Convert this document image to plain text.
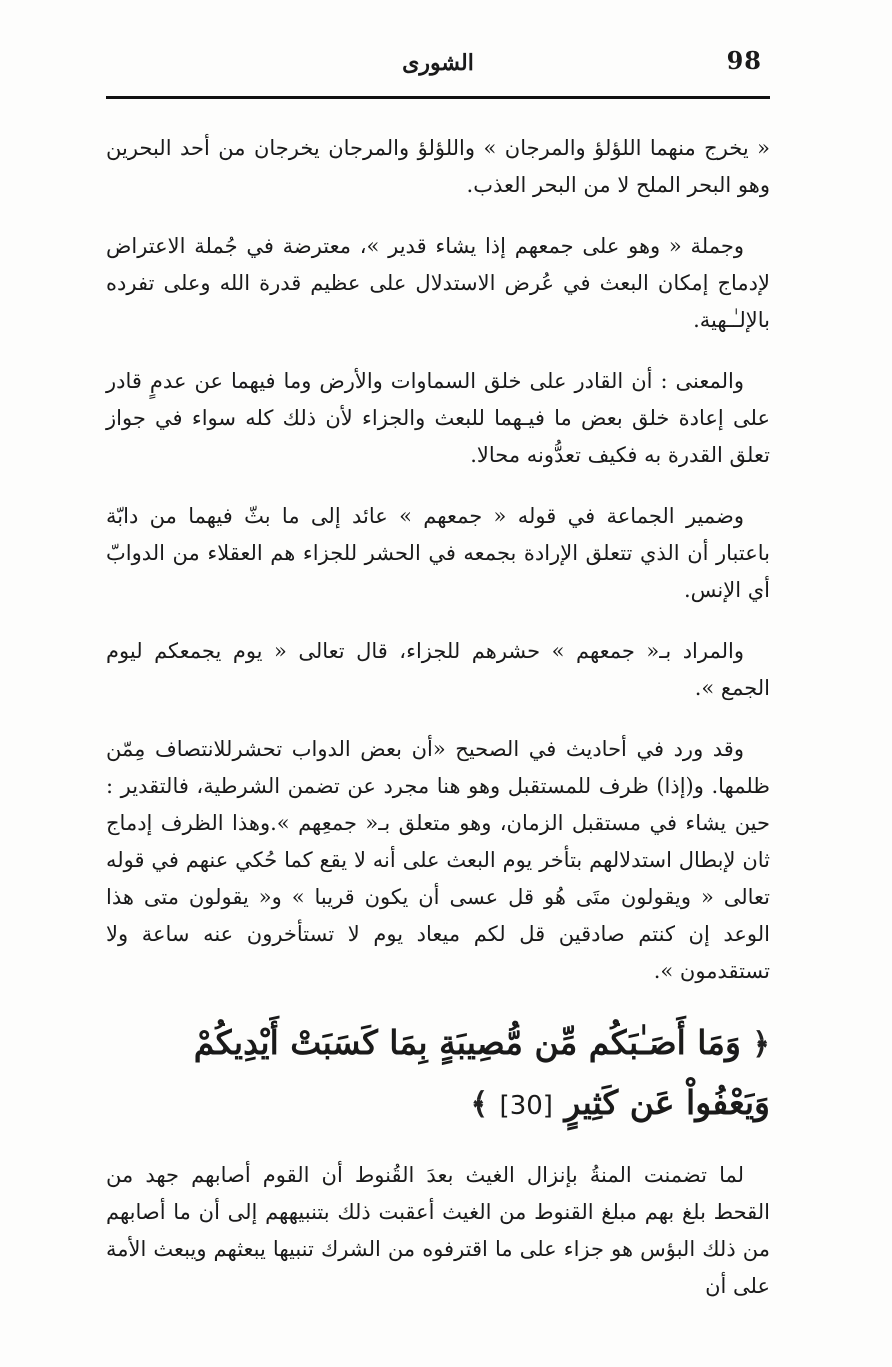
98
الشورى

« يخرج منهما اللؤلؤ والمرجان » واللؤلؤ والمرجان يخرجان من أحد البحرين وهو البحر الملح لا من البحر العذب.

وجملة « وهو على جمعهم إذا يشاء قدير »، معترضة في جُملة الاعتراض لإدماج إمكان البعث في عُرض الاستدلال على عظيم قدرة الله وعلى تفرده بالإلـٰـهية.

والمعنى : أن القادر على خلق السماوات والأرض وما فيهما عن عدمٍ قادر على إعادة خلق بعض ما فيـهما للبعث والجزاء لأن ذلك كله سواء في جواز تعلق القدرة به فكيف تعدُّونه محالا.

وضمير الجماعة في قوله « جمعهم » عائد إلى ما بثّ فيهما من دابّة باعتبار أن الذي تتعلق الإرادة بجمعه في الحشر للجزاء هم العقلاء من الدوابّ أي الإنس.

والمراد بـ« جمعهم » حشرهم للجزاء، قال تعالى « يوم يجمعكم ليوم الجمع ».

وقد ورد في أحاديث في الصحيح «أن بعض الدواب تحشرللانتصاف مِمّن ظلمها. و(إذا) ظرف للمستقبل وهو هنا مجرد عن تضمن الشرطية، فالتقدير : حين يشاء في مستقبل الزمان، وهو متعلق بـ« جمعِهم ».وهذا الظرف إدماج ثان لإبطال استدلالهم بتأخر يوم البعث على أنه لا يقع كما حُكي عنهم في قوله تعالى « ويقولون متَى هُو قل عسى أن يكون قريبا » و« يقولون متى هذا الوعد إن كنتم صادقين قل لكم ميعاد يوم لا تستأخرون عنه ساعة ولا تستقدمون ».

﴿ وَمَا أَصَـٰبَكُم مِّن مُّصِيبَةٍ بِمَا كَسَبَتْ أَيْدِيكُمْ وَيَعْفُواْ عَن كَثِيرٍ [30] ﴾

لما تضمنت المنةُ بإنزال الغيث بعدَ القُنوط أن القوم أصابهم جهد من القحط بلغ بهم مبلغ القنوط من الغيث أعقبت ذلك بتنبيههم إلى أن ما أصابهم من ذلك البؤس هو جزاء على ما اقترفوه من الشرك تنبيها يبعثهم ويبعث الأمة على أن
